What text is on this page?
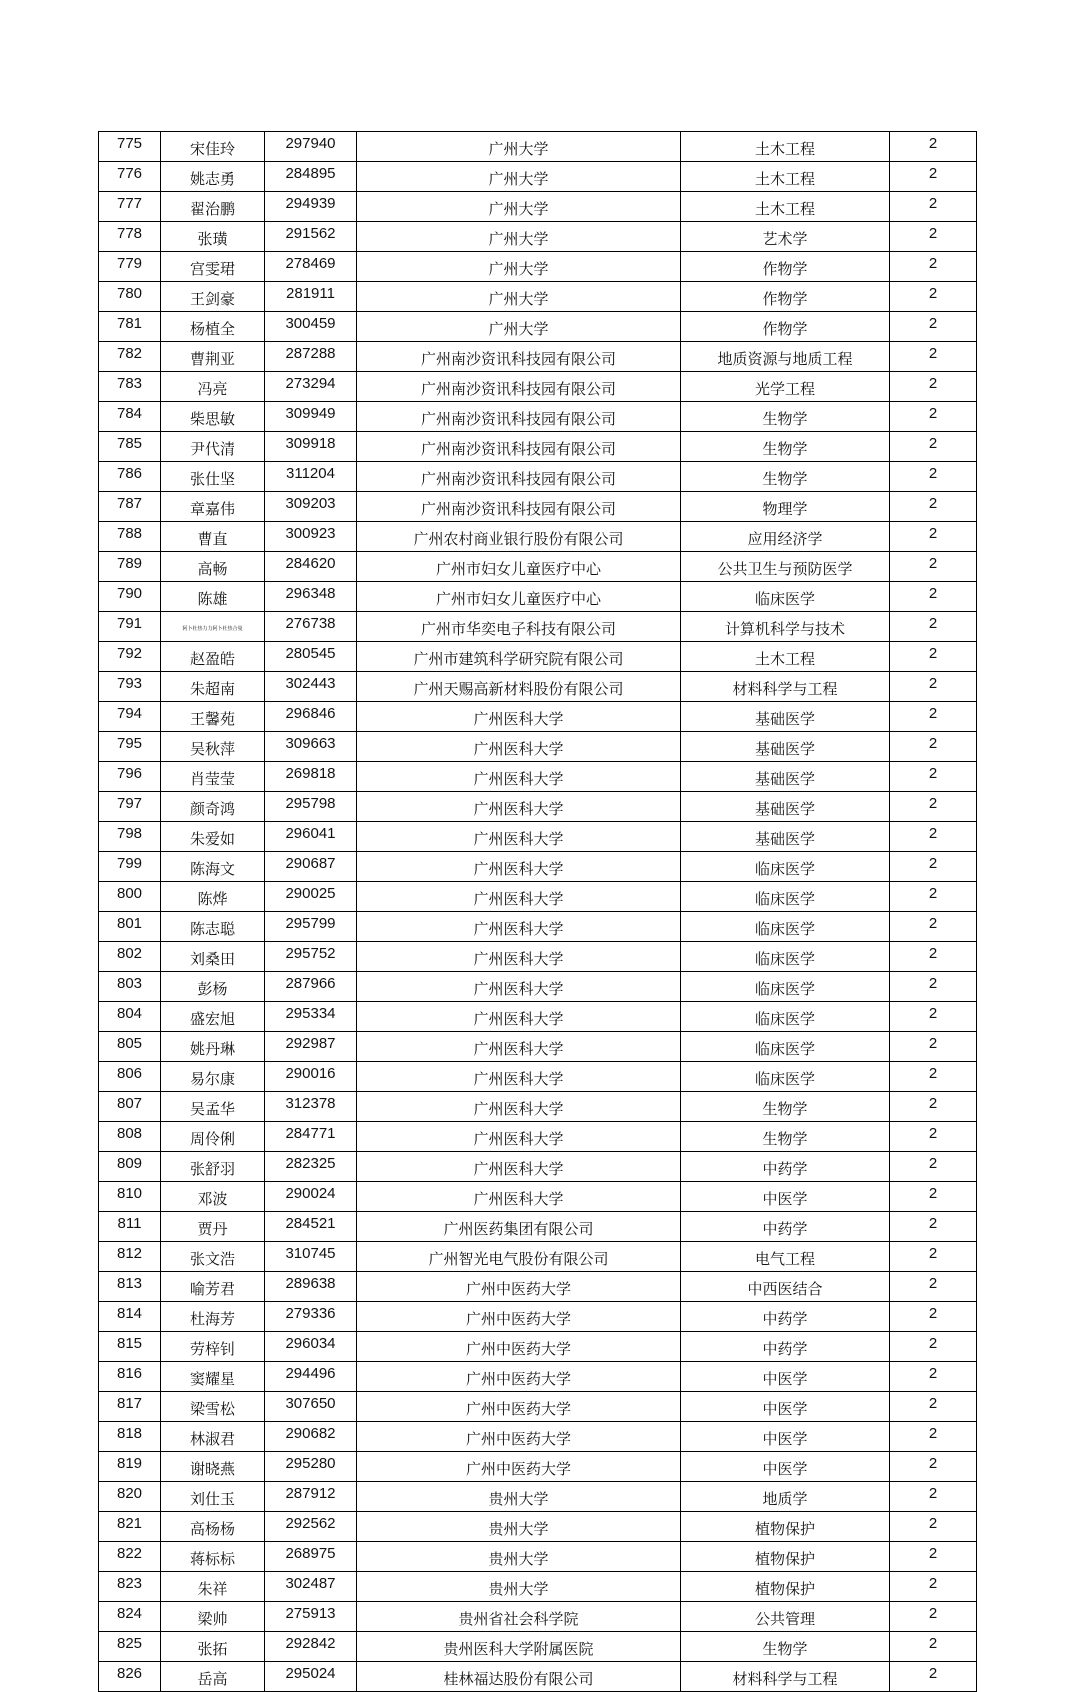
775	宋佳玲	297940	广州大学	土木工程	2
776	姚志勇	284895	广州大学	土木工程	2
777	翟治鹏	294939	广州大学	土木工程	2
778	张璜	291562	广州大学	艺术学	2
779	宫雯珺	278469	广州大学	作物学	2
780	王剑豪	281911	广州大学	作物学	2
781	杨植全	300459	广州大学	作物学	2
782	曹荆亚	287288	广州南沙资讯科技园有限公司	地质资源与地质工程	2
783	冯亮	273294	广州南沙资讯科技园有限公司	光学工程	2
784	柴思敏	309949	广州南沙资讯科技园有限公司	生物学	2
785	尹代清	309918	广州南沙资讯科技园有限公司	生物学	2
786	张仕坚	311204	广州南沙资讯科技园有限公司	生物学	2
787	章嘉伟	309203	广州南沙资讯科技园有限公司	物理学	2
788	曹直	300923	广州农村商业银行股份有限公司	应用经济学	2
789	高畅	284620	广州市妇女儿童医疗中心	公共卫生与预防医学	2
790	陈雄	296348	广州市妇女儿童医疗中心	临床医学	2
791	阿卜杜热力力阿卜杜热合曼	276738	广州市华奕电子科技有限公司	计算机科学与技术	2
792	赵盈皓	280545	广州市建筑科学研究院有限公司	土木工程	2
793	朱超南	302443	广州天赐高新材料股份有限公司	材料科学与工程	2
794	王馨苑	296846	广州医科大学	基础医学	2
795	吴秋萍	309663	广州医科大学	基础医学	2
796	肖莹莹	269818	广州医科大学	基础医学	2
797	颜奇鸿	295798	广州医科大学	基础医学	2
798	朱爱如	296041	广州医科大学	基础医学	2
799	陈海文	290687	广州医科大学	临床医学	2
800	陈烨	290025	广州医科大学	临床医学	2
801	陈志聪	295799	广州医科大学	临床医学	2
802	刘桑田	295752	广州医科大学	临床医学	2
803	彭杨	287966	广州医科大学	临床医学	2
804	盛宏旭	295334	广州医科大学	临床医学	2
805	姚丹琳	292987	广州医科大学	临床医学	2
806	易尔康	290016	广州医科大学	临床医学	2
807	吴孟华	312378	广州医科大学	生物学	2
808	周伶俐	284771	广州医科大学	生物学	2
809	张舒羽	282325	广州医科大学	中药学	2
810	邓波	290024	广州医科大学	中医学	2
811	贾丹	284521	广州医药集团有限公司	中药学	2
812	张文浩	310745	广州智光电气股份有限公司	电气工程	2
813	喻芳君	289638	广州中医药大学	中西医结合	2
814	杜海芳	279336	广州中医药大学	中药学	2
815	劳梓钊	296034	广州中医药大学	中药学	2
816	窦耀星	294496	广州中医药大学	中医学	2
817	梁雪松	307650	广州中医药大学	中医学	2
818	林淑君	290682	广州中医药大学	中医学	2
819	谢晓燕	295280	广州中医药大学	中医学	2
820	刘仕玉	287912	贵州大学	地质学	2
821	高杨杨	292562	贵州大学	植物保护	2
822	蒋标标	268975	贵州大学	植物保护	2
823	朱祥	302487	贵州大学	植物保护	2
824	梁帅	275913	贵州省社会科学院	公共管理	2
825	张拓	292842	贵州医科大学附属医院	生物学	2
826	岳高	295024	桂林福达股份有限公司	材料科学与工程	2
